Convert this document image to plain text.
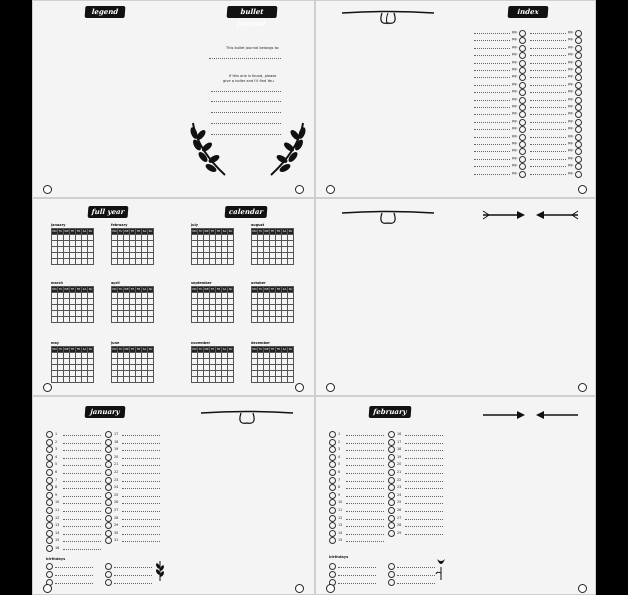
legend	bullet journal
This bullet journal belongs to:
If this one is found, please
give a holler and I'll find You
index
pg.
pg.
pg.
pg.
pg.
pg.
pg.
pg.
pg.
pg.
pg.
pg.
pg.
pg.
pg.
pg.
pg.
pg.
pg.
pg.
pg.
pg.
pg.
pg.
pg.
pg.
pg.
pg.
pg.
pg.
pg.
pg.
pg.
pg.
pg.
pg.
pg.
pg.
pg.
pg.
full year	calendar
january
MO TU WE TH FR	SA SU
february
MO TU WE TH FR	SA SU
march
MO TU WE TH FR	SA SU
april
MO TU WE TH FR	SA SU
may
MO TU WE TH FR	SA SU
june
MO TU WE TH FR	SA SU
july
MO TU WE TH FR	SA SU
august
MO TU WE TH FR	SA SU
september
MO TU WE TH FR	SA SU
october
MO TU WE TH FR	SA SU
november
MO TU WE TH FR	SA SU
december
MO TU WE TH FR	SA SU
january
1
2
3
4
5
6
7
8
9
10
11
12
13
14
15
16
17
18
19
20
21
22
23
24
25
26
27
28
29
30
31
birthdays
february
1
2
3
4
5
6
7
8
9
10
11
12
13
14
15
16
17
18
19
20
21
22
23
24
25
26
27
28
29
birthdays
